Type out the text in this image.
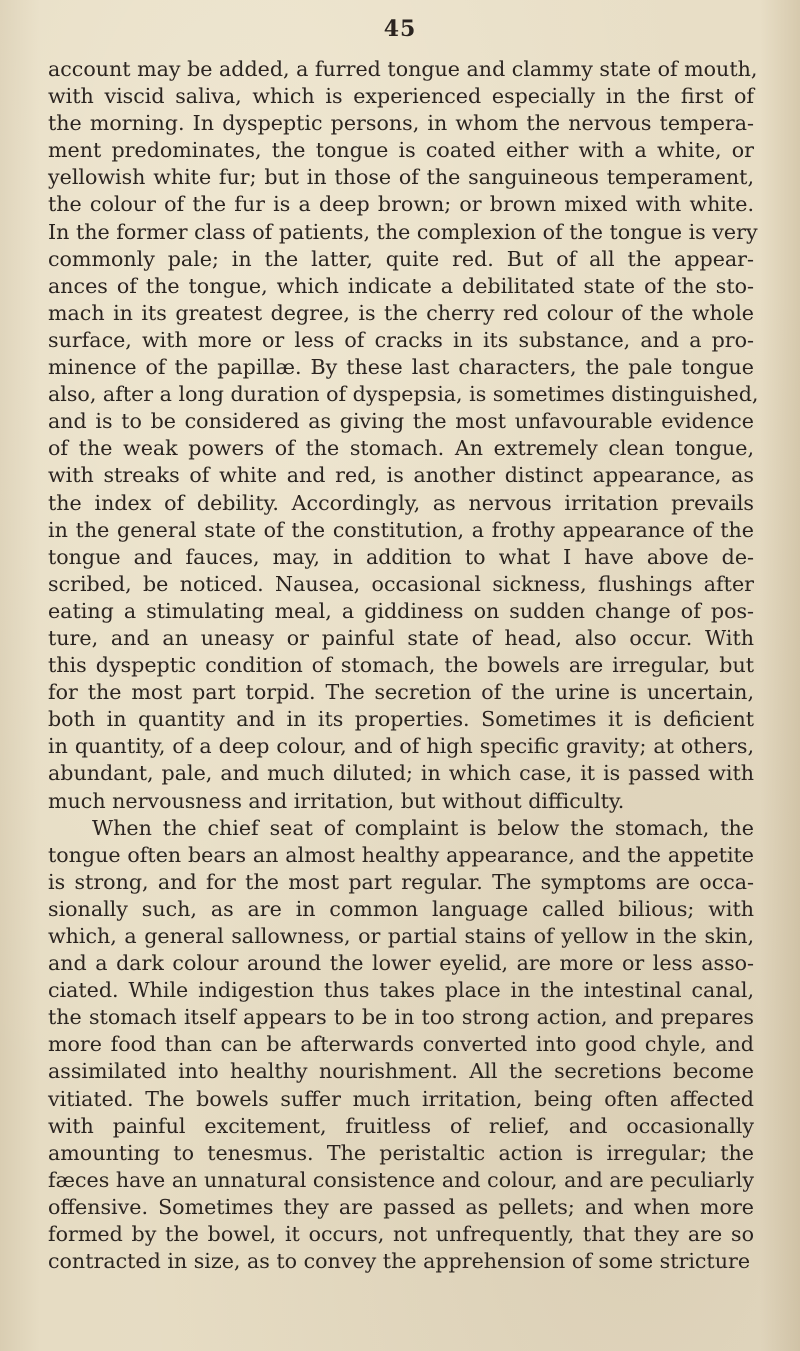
45
account may be added, a furred tongue and clammy state of mouth,
with viscid saliva, which is experienced especially in the first of
the morning. In dyspeptic persons, in whom the nervous tempera-
ment predominates, the tongue is coated either with a white, or
yellowish white fur; but in those of the sanguineous temperament,
the colour of the fur is a deep brown; or brown mixed with white.
In the former class of patients, the complexion of the tongue is very
commonly pale; in the latter, quite red. But of all the appear-
ances of the tongue, which indicate a debilitated state of the sto-
mach in its greatest degree, is the cherry red colour of the whole
surface, with more or less of cracks in its substance, and a pro-
minence of the papillæ. By these last characters, the pale tongue
also, after a long duration of dyspepsia, is sometimes distinguished,
and is to be considered as giving the most unfavourable evidence
of the weak powers of the stomach. An extremely clean tongue,
with streaks of white and red, is another distinct appearance, as
the index of debility. Accordingly, as nervous irritation prevails
in the general state of the constitution, a frothy appearance of the
tongue and fauces, may, in addition to what I have above de-
scribed, be noticed. Nausea, occasional sickness, flushings after
eating a stimulating meal, a giddiness on sudden change of pos-
ture, and an uneasy or painful state of head, also occur. With
this dyspeptic condition of stomach, the bowels are irregular, but
for the most part torpid. The secretion of the urine is uncertain,
both in quantity and in its properties. Sometimes it is deficient
in quantity, of a deep colour, and of high specific gravity; at others,
abundant, pale, and much diluted; in which case, it is passed with
much nervousness and irritation, but without difficulty.
When the chief seat of complaint is below the stomach, the
tongue often bears an almost healthy appearance, and the appetite
is strong, and for the most part regular. The symptoms are occa-
sionally such, as are in common language called bilious; with
which, a general sallowness, or partial stains of yellow in the skin,
and a dark colour around the lower eyelid, are more or less asso-
ciated. While indigestion thus takes place in the intestinal canal,
the stomach itself appears to be in too strong action, and prepares
more food than can be afterwards converted into good chyle, and
assimilated into healthy nourishment. All the secretions become
vitiated. The bowels suffer much irritation, being often affected
with painful excitement, fruitless of relief, and occasionally
amounting to tenesmus. The peristaltic action is irregular; the
fæces have an unnatural consistence and colour, and are peculiarly
offensive. Sometimes they are passed as pellets; and when more
formed by the bowel, it occurs, not unfrequently, that they are so
contracted in size, as to convey the apprehension of some stricture
